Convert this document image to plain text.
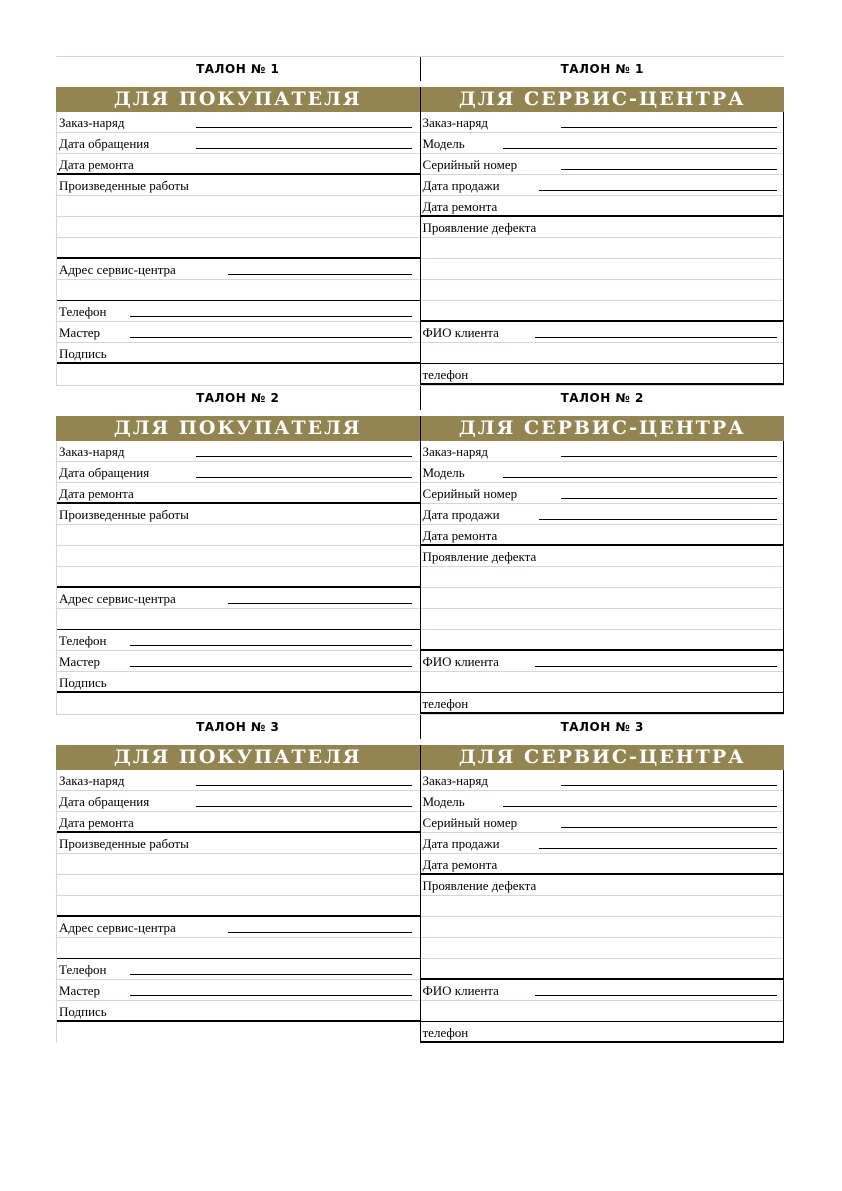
ТАЛОН № 1	ТАЛОН № 1
ДЛЯ ПОКУПАТЕЛЯ	ДЛЯ СЕРВИС-ЦЕНТРА
Заказ-наряд
Дата обращения
Дата ремонта
Произведенные работы
Адрес сервис-центра
Телефон
Мастер
Подпись
Заказ-наряд
Модель
Серийный номер
Дата продажи
Дата ремонта
Проявление дефекта
ФИО клиента
телефон
ТАЛОН № 2	ТАЛОН № 2
ДЛЯ ПОКУПАТЕЛЯ	ДЛЯ СЕРВИС-ЦЕНТРА
Заказ-наряд
Дата обращения
Дата ремонта
Произведенные работы
Адрес сервис-центра
Телефон
Мастер
Подпись
Заказ-наряд
Модель
Серийный номер
Дата продажи
Дата ремонта
Проявление дефекта
ФИО клиента
телефон
ТАЛОН № 3	ТАЛОН № 3
ДЛЯ ПОКУПАТЕЛЯ	ДЛЯ СЕРВИС-ЦЕНТРА
Заказ-наряд
Дата обращения
Дата ремонта
Произведенные работы
Адрес сервис-центра
Телефон
Мастер
Подпись
Заказ-наряд
Модель
Серийный номер
Дата продажи
Дата ремонта
Проявление дефекта
ФИО клиента
телефон
